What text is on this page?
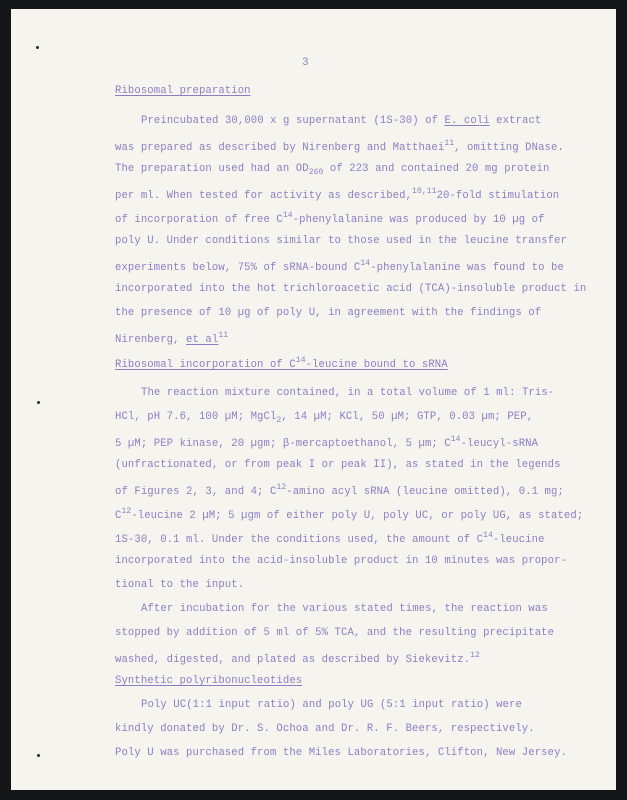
3
Ribosomal preparation
Preincubated 30,000 x g supernatant (1S-30) of E. coli extract
was prepared as described by Nirenberg and Matthaei$^{11}$, omitting DNase.
The preparation used had an $OD_{260}$ of 223 and contained 20 mg protein
per ml. When tested for activity as described,$^{10,11}$20-fold stimulation
of incorporation of free $C^{14}$-phenylalanine was produced by 10 µg of
poly U. Under conditions similar to those used in the leucine transfer
experiments below, 75% of sRNA-bound $C^{14}$-phenylalanine was found to be
incorporated into the hot trichloroacetic acid (TCA)-insoluble product in
the presence of 10 µg of poly U, in agreement with the findings of
Nirenberg, et $al^{11}$
Ribosomal incorporation of $C^{14}$-leucine bound to sRNA
The reaction mixture contained, in a total volume of 1 ml: Tris-
HCl, pH 7.6, 100 µM; MgCl$_2$, 14 µM; KCl, 50 µM; GTP, 0.03 µm; PEP,
5 µM; PEP kinase, 20 µgm; β-mercaptoethanol, 5 µm; $C^{14}-leucyl$-sRNA
(unfractionated, or from peak I or peak II), as stated in the legends
of Figures 2, 3, and 4; $C^{12}$-amino acyl sRNA (leucine omitted), 0.1 mg;
$C^{12}$-leucine 2 µM; 5 µgm of either poly U, poly UC, or poly UG, as stated;
1S-30, 0.1 ml. Under the conditions used, the amount of $C^{14}$-leucine
incorporated into the acid-insoluble product in 10 minutes was propor-
tional to the input.
After incubation for the various stated times, the reaction was
stopped by addition of 5 ml of 5% TCA, and the resulting precipitate
washed, digested, and plated as described by Siekevitz.$^{12}$
Synthetic polyribonucleotides
Poly UC(1:1 input ratio) and poly UG (5:1 input ratio) were
kindly donated by Dr. S. Ochoa and Dr. R. F. Beers, respectively.
Poly U was purchased from the Miles Laboratories, Clifton, New Jersey.
